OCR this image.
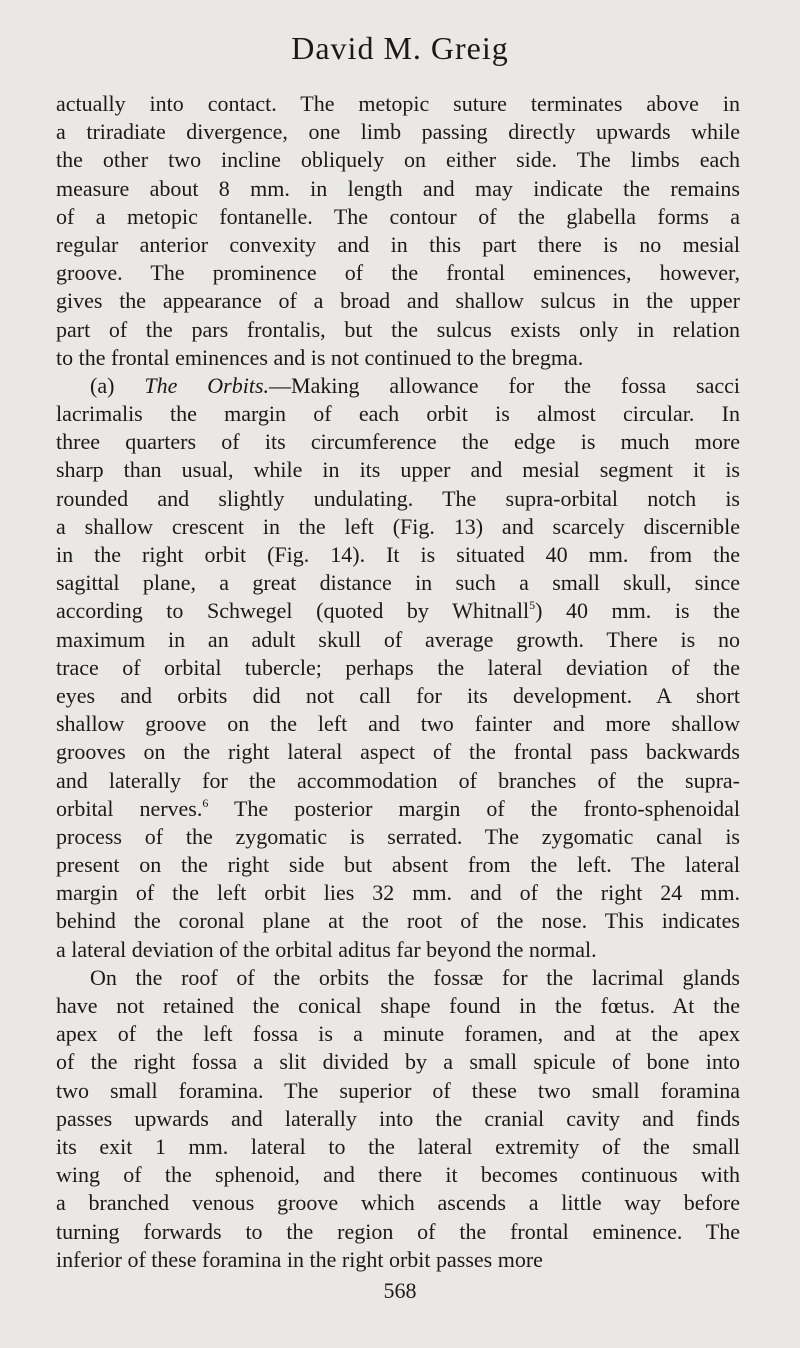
David M. Greig
actually into contact. The metopic suture terminates above in
a triradiate divergence, one limb passing directly upwards while
the other two incline obliquely on either side. The limbs each
measure about 8 mm. in length and may indicate the remains
of a metopic fontanelle. The contour of the glabella forms a
regular anterior convexity and in this part there is no mesial
groove. The prominence of the frontal eminences, however,
gives the appearance of a broad and shallow sulcus in the upper
part of the pars frontalis, but the sulcus exists only in relation
to the frontal eminences and is not continued to the bregma.
(a) The Orbits.—Making allowance for the fossa sacci
lacrimalis the margin of each orbit is almost circular. In
three quarters of its circumference the edge is much more
sharp than usual, while in its upper and mesial segment it is
rounded and slightly undulating. The supra-orbital notch is
a shallow crescent in the left (Fig. 13) and scarcely discernible
in the right orbit (Fig. 14). It is situated 40 mm. from the
sagittal plane, a great distance in such a small skull, since
according to Schwegel (quoted by Whitnall$^5$) 40 mm. is the
maximum in an adult skull of average growth. There is no
trace of orbital tubercle; perhaps the lateral deviation of the
eyes and orbits did not call for its development. A short
shallow groove on the left and two fainter and more shallow
grooves on the right lateral aspect of the frontal pass backwards
and laterally for the accommodation of branches of the supra-
orbital nerves.$^6$ The posterior margin of the fronto-sphenoidal
process of the zygomatic is serrated. The zygomatic canal is
present on the right side but absent from the left. The lateral
margin of the left orbit lies 32 mm. and of the right 24 mm.
behind the coronal plane at the root of the nose. This indicates
a lateral deviation of the orbital aditus far beyond the normal.
On the roof of the orbits the fossæ for the lacrimal glands
have not retained the conical shape found in the fœtus. At the
apex of the left fossa is a minute foramen, and at the apex
of the right fossa a slit divided by a small spicule of bone into
two small foramina. The superior of these two small foramina
passes upwards and laterally into the cranial cavity and finds
its exit 1 mm. lateral to the lateral extremity of the small
wing of the sphenoid, and there it becomes continuous with
a branched venous groove which ascends a little way before
turning forwards to the region of the frontal eminence. The
inferior of these foramina in the right orbit passes more
568
